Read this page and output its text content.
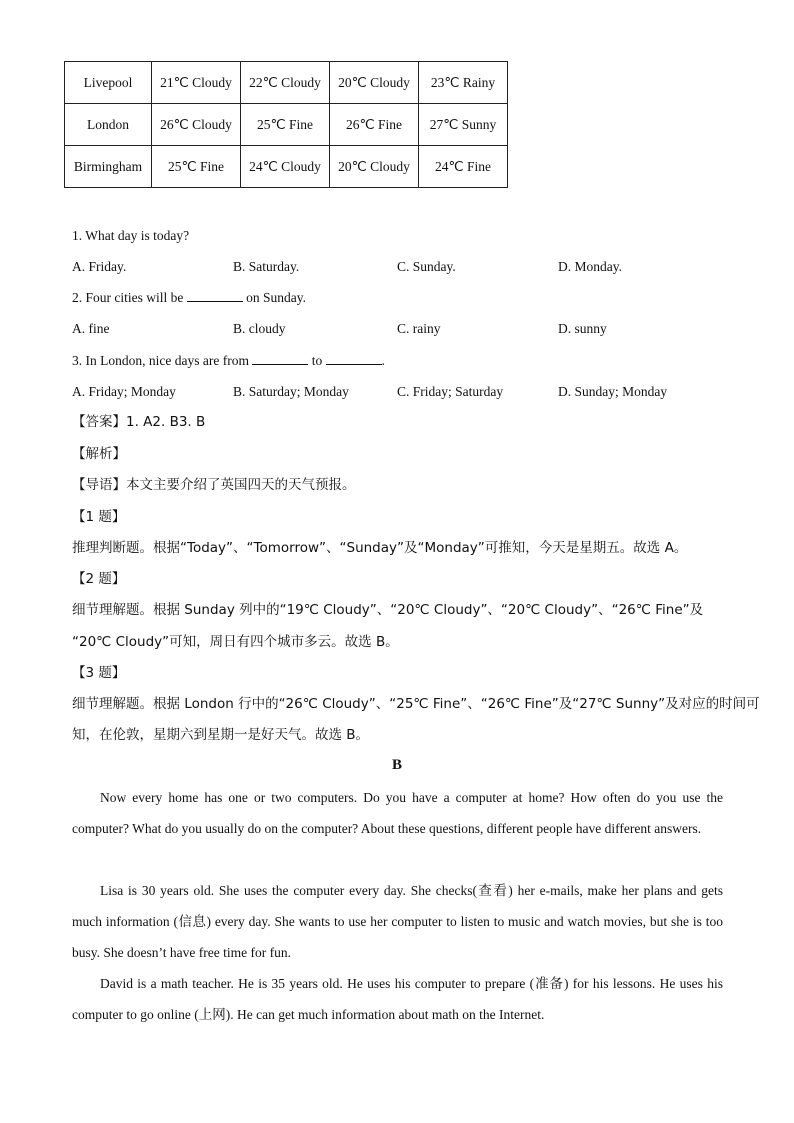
Livepool	21℃ Cloudy	22℃ Cloudy	20℃ Cloudy	23℃ Rainy
London	26℃ Cloudy	25℃ Fine	26℃ Fine	27℃ Sunny
Birmingham	25℃ Fine	24℃ Cloudy	20℃ Cloudy	24℃ Fine
1. What day is today?
A. Friday.	B. Saturday.	C. Sunday.	D. Monday.
2. Four cities will be	on Sunday.
A. fine	B. cloudy	C. rainy	D. sunny
3. In London, nice days are from	to	.
A. Friday; Monday	B. Saturday; Monday	C. Friday; Saturday	D. Sunday; Monday
【答案】1. A2. B3. B
【解析】
【导语】本文主要介绍了英国四天的天气预报。
【1 题】
推理判断题。根据“Today”、“Tomorrow”、“Sunday”及“Monday”可推知，今天是星期五。故选 A。
【2 题】
细节理解题。根据 Sunday 列中的“19℃ Cloudy”、“20℃ Cloudy”、“20℃ Cloudy”、“26℃ Fine”及
“20℃ Cloudy”可知，周日有四个城市多云。故选 B。
【3 题】
细节理解题。根据 London 行中的“26℃ Cloudy”、“25℃ Fine”、“26℃ Fine”及“27℃ Sunny”及对应的时间可
知，在伦敦，星期六到星期一是好天气。故选 B。
B
Now every home has one or two computers. Do you have a computer at home? How often do you use the computer? What do you usually do on the computer? About these questions, different people have different answers.
Lisa is 30 years old. She uses the computer every day. She checks(查看) her e-mails, make her plans and gets much information (信息) every day. She wants to use her computer to listen to music and watch movies, but she is too busy. She doesn’t have free time for fun.
David is a math teacher. He is 35 years old. He uses his computer to prepare (准备) for his lessons. He uses his computer to go online (上网). He can get much information about math on the Internet.
